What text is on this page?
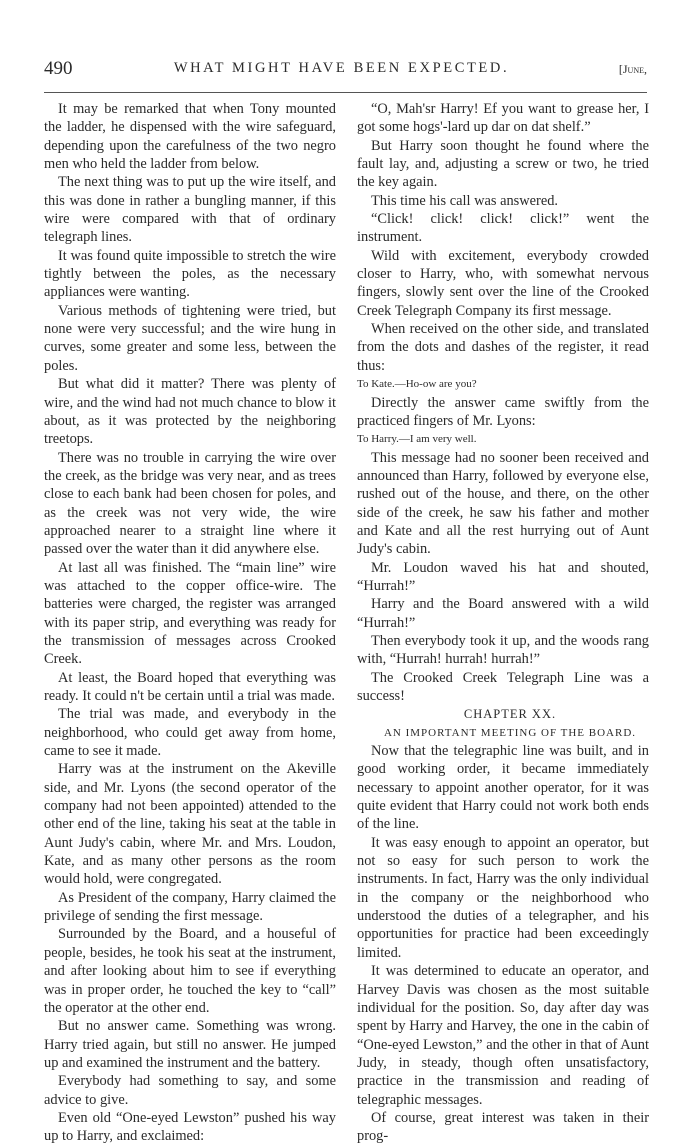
490	WHAT MIGHT HAVE BEEN EXPECTED.	[June,

It may be remarked that when Tony mounted the ladder, he dispensed with the wire safeguard, depending upon the carefulness of the two negro men who held the ladder from below.

The next thing was to put up the wire itself, and this was done in rather a bungling manner, if this wire were compared with that of ordinary telegraph lines.

It was found quite impossible to stretch the wire tightly between the poles, as the necessary appliances were wanting.

Various methods of tightening were tried, but none were very successful; and the wire hung in curves, some greater and some less, between the poles.

But what did it matter? There was plenty of wire, and the wind had not much chance to blow it about, as it was protected by the neighboring treetops.

There was no trouble in carrying the wire over the creek, as the bridge was very near, and as trees close to each bank had been chosen for poles, and as the creek was not very wide, the wire approached nearer to a straight line where it passed over the water than it did anywhere else.

At last all was finished. The “main line” wire was attached to the copper office-wire. The batteries were charged, the register was arranged with its paper strip, and everything was ready for the transmission of messages across Crooked Creek.

At least, the Board hoped that everything was ready. It could n't be certain until a trial was made.

The trial was made, and everybody in the neighborhood, who could get away from home, came to see it made.

Harry was at the instrument on the Akeville side, and Mr. Lyons (the second operator of the company had not been appointed) attended to the other end of the line, taking his seat at the table in Aunt Judy's cabin, where Mr. and Mrs. Loudon, Kate, and as many other persons as the room would hold, were congregated.

As President of the company, Harry claimed the privilege of sending the first message.

Surrounded by the Board, and a houseful of people, besides, he took his seat at the instrument, and after looking about him to see if everything was in proper order, he touched the key to “call” the operator at the other end.

But no answer came. Something was wrong. Harry tried again, but still no answer. He jumped up and examined the instrument and the battery.

Everybody had something to say, and some advice to give.

Even old “One-eyed Lewston” pushed his way up to Harry, and exclaimed:

“O, Mah'sr Harry! Ef you want to grease her, I got some hogs'-lard up dar on dat shelf.”

But Harry soon thought he found where the fault lay, and, adjusting a screw or two, he tried the key again.

This time his call was answered.

“Click! click! click! click!” went the instrument.

Wild with excitement, everybody crowded closer to Harry, who, with somewhat nervous fingers, slowly sent over the line of the Crooked Creek Telegraph Company its first message.

When received on the other side, and translated from the dots and dashes of the register, it read thus:

To Kate.—Ho-ow are you?

Directly the answer came swiftly from the practiced fingers of Mr. Lyons:

To Harry.—I am very well.

This message had no sooner been received and announced than Harry, followed by everyone else, rushed out of the house, and there, on the other side of the creek, he saw his father and mother and Kate and all the rest hurrying out of Aunt Judy's cabin.

Mr. Loudon waved his hat and shouted, “Hurrah!”

Harry and the Board answered with a wild “Hurrah!”

Then everybody took it up, and the woods rang with, “Hurrah! hurrah! hurrah!”

The Crooked Creek Telegraph Line was a success!

CHAPTER XX.

AN IMPORTANT MEETING OF THE BOARD.

Now that the telegraphic line was built, and in good working order, it became immediately necessary to appoint another operator, for it was quite evident that Harry could not work both ends of the line.

It was easy enough to appoint an operator, but not so easy for such person to work the instruments. In fact, Harry was the only individual in the company or the neighborhood who understood the duties of a telegrapher, and his opportunities for practice had been exceedingly limited.

It was determined to educate an operator, and Harvey Davis was chosen as the most suitable individual for the position. So, day after day was spent by Harry and Harvey, the one in the cabin of “One-eyed Lewston,” and the other in that of Aunt Judy, in steady, though often unsatisfactory, practice in the transmission and reading of telegraphic messages.

Of course, great interest was taken in their prog-
